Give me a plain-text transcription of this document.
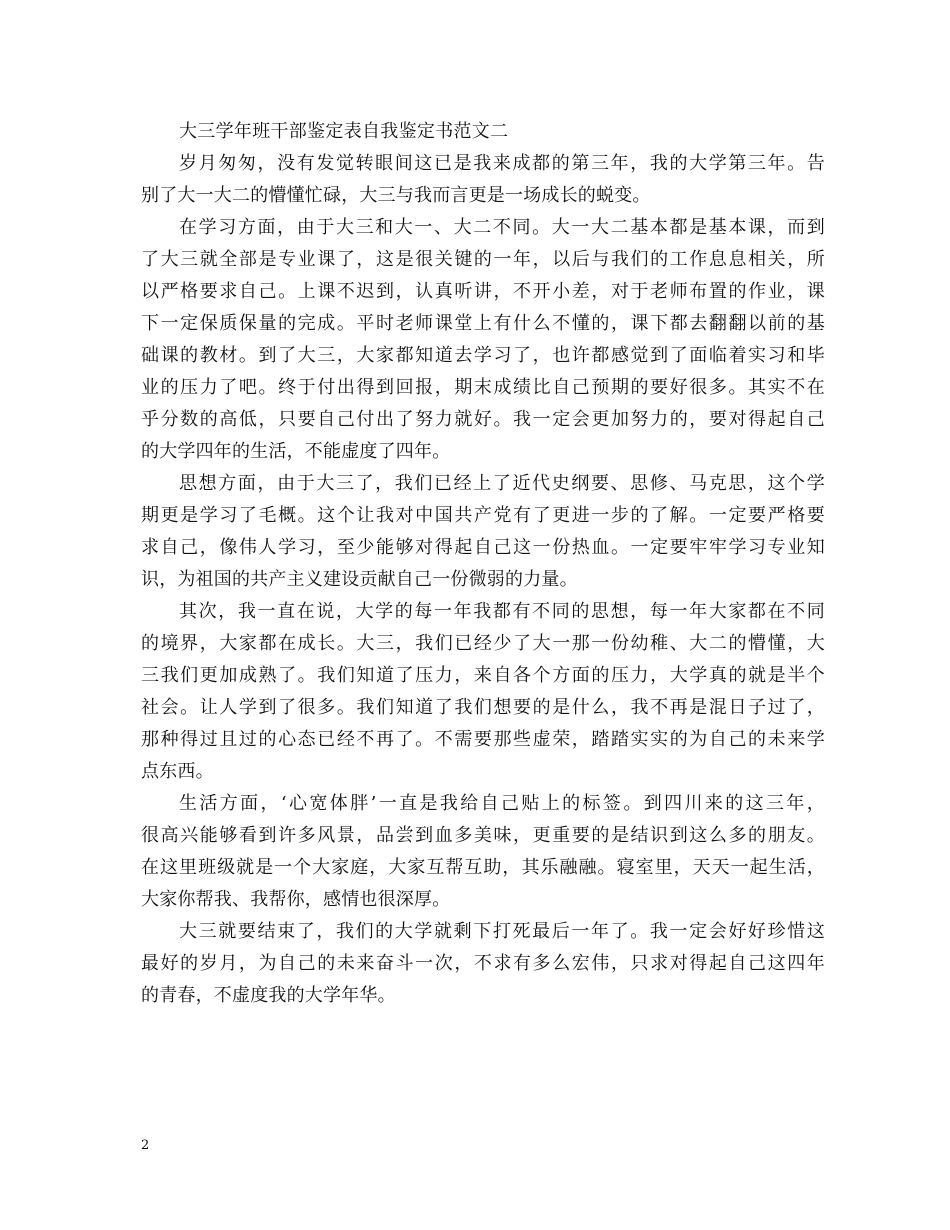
大三学年班干部鉴定表自我鉴定书范文二
岁月匆匆，没有发觉转眼间这已是我来成都的第三年，我的大学第三年。告
别了大一大二的懵懂忙碌，大三与我而言更是一场成长的蜕变。
在学习方面，由于大三和大一、大二不同。大一大二基本都是基本课，而到
了大三就全部是专业课了，这是很关键的一年，以后与我们的工作息息相关，所
以严格要求自己。上课不迟到，认真听讲，不开小差，对于老师布置的作业，课
下一定保质保量的完成。平时老师课堂上有什么不懂的，课下都去翻翻以前的基
础课的教材。到了大三，大家都知道去学习了，也许都感觉到了面临着实习和毕
业的压力了吧。终于付出得到回报，期末成绩比自己预期的要好很多。其实不在
乎分数的高低，只要自己付出了努力就好。我一定会更加努力的，要对得起自己
的大学四年的生活，不能虚度了四年。
思想方面，由于大三了，我们已经上了近代史纲要、思修、马克思，这个学
期更是学习了毛概。这个让我对中国共产党有了更进一步的了解。一定要严格要
求自己，像伟人学习，至少能够对得起自己这一份热血。一定要牢牢学习专业知
识，为祖国的共产主义建设贡献自己一份微弱的力量。
其次，我一直在说，大学的每一年我都有不同的思想，每一年大家都在不同
的境界，大家都在成长。大三，我们已经少了大一那一份幼稚、大二的懵懂，大
三我们更加成熟了。我们知道了压力，来自各个方面的压力，大学真的就是半个
社会。让人学到了很多。我们知道了我们想要的是什么，我不再是混日子过了，
那种得过且过的心态已经不再了。不需要那些虚荣，踏踏实实的为自己的未来学
点东西。
生活方面，‘心宽体胖’一直是我给自己贴上的标签。到四川来的这三年，
很高兴能够看到许多风景，品尝到血多美味，更重要的是结识到这么多的朋友。
在这里班级就是一个大家庭，大家互帮互助，其乐融融。寝室里，天天一起生活，
大家你帮我、我帮你，感情也很深厚。
大三就要结束了，我们的大学就剩下打死最后一年了。我一定会好好珍惜这
最好的岁月，为自己的未来奋斗一次，不求有多么宏伟，只求对得起自己这四年
的青春，不虚度我的大学年华。
2
